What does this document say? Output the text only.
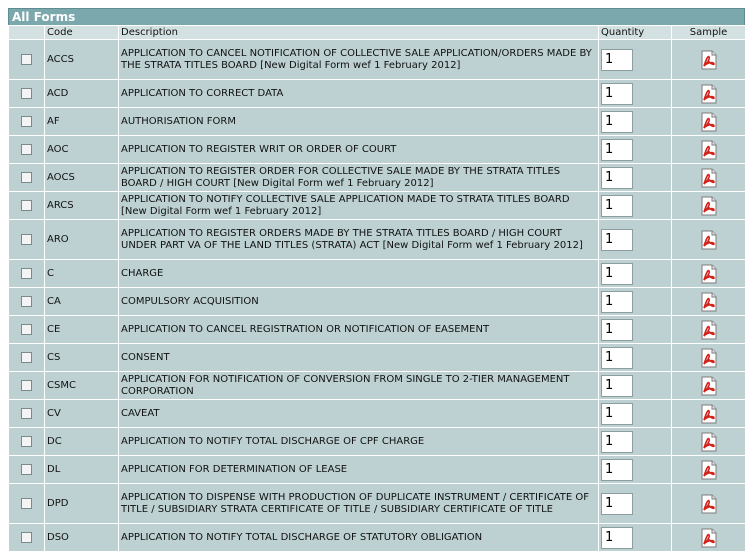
All Forms
	Code	Description	Quantity	Sample
	ACCS	APPLICATION TO CANCEL NOTIFICATION OF COLLECTIVE SALE APPLICATION/ORDERS MADE BY THE STRATA TITLES BOARD [New Digital Form wef 1 February 2012]	1	

	ACD	APPLICATION TO CORRECT DATA	1	

	AF	AUTHORISATION FORM	1	

	AOC	APPLICATION TO REGISTER WRIT OR ORDER OF COURT	1	

	AOCS	APPLICATION TO REGISTER ORDER FOR COLLECTIVE SALE MADE BY THE STRATA TITLES BOARD / HIGH COURT [New Digital Form wef 1 February 2012]	1	

	ARCS	APPLICATION TO NOTIFY COLLECTIVE SALE APPLICATION MADE TO STRATA TITLES BOARD [New Digital Form wef 1 February 2012]	1	

	ARO	APPLICATION TO REGISTER ORDERS MADE BY THE STRATA TITLES BOARD / HIGH COURT UNDER PART VA OF THE LAND TITLES (STRATA) ACT [New Digital Form wef 1 February 2012]	1	

	C	CHARGE	1	

	CA	COMPULSORY ACQUISITION	1	

	CE	APPLICATION TO CANCEL REGISTRATION OR NOTIFICATION OF EASEMENT	1	

	CS	CONSENT	1	

	CSMC	APPLICATION FOR NOTIFICATION OF CONVERSION FROM SINGLE TO 2-TIER MANAGEMENT CORPORATION	1	

	CV	CAVEAT	1	

	DC	APPLICATION TO NOTIFY TOTAL DISCHARGE OF CPF CHARGE	1	

	DL	APPLICATION FOR DETERMINATION OF LEASE	1	

	DPD	APPLICATION TO DISPENSE WITH PRODUCTION OF DUPLICATE INSTRUMENT / CERTIFICATE OF TITLE / SUBSIDIARY STRATA CERTIFICATE OF TITLE / SUBSIDIARY CERTIFICATE OF TITLE	1	

	DSO	APPLICATION TO NOTIFY TOTAL DISCHARGE OF STATUTORY OBLIGATION	1	
